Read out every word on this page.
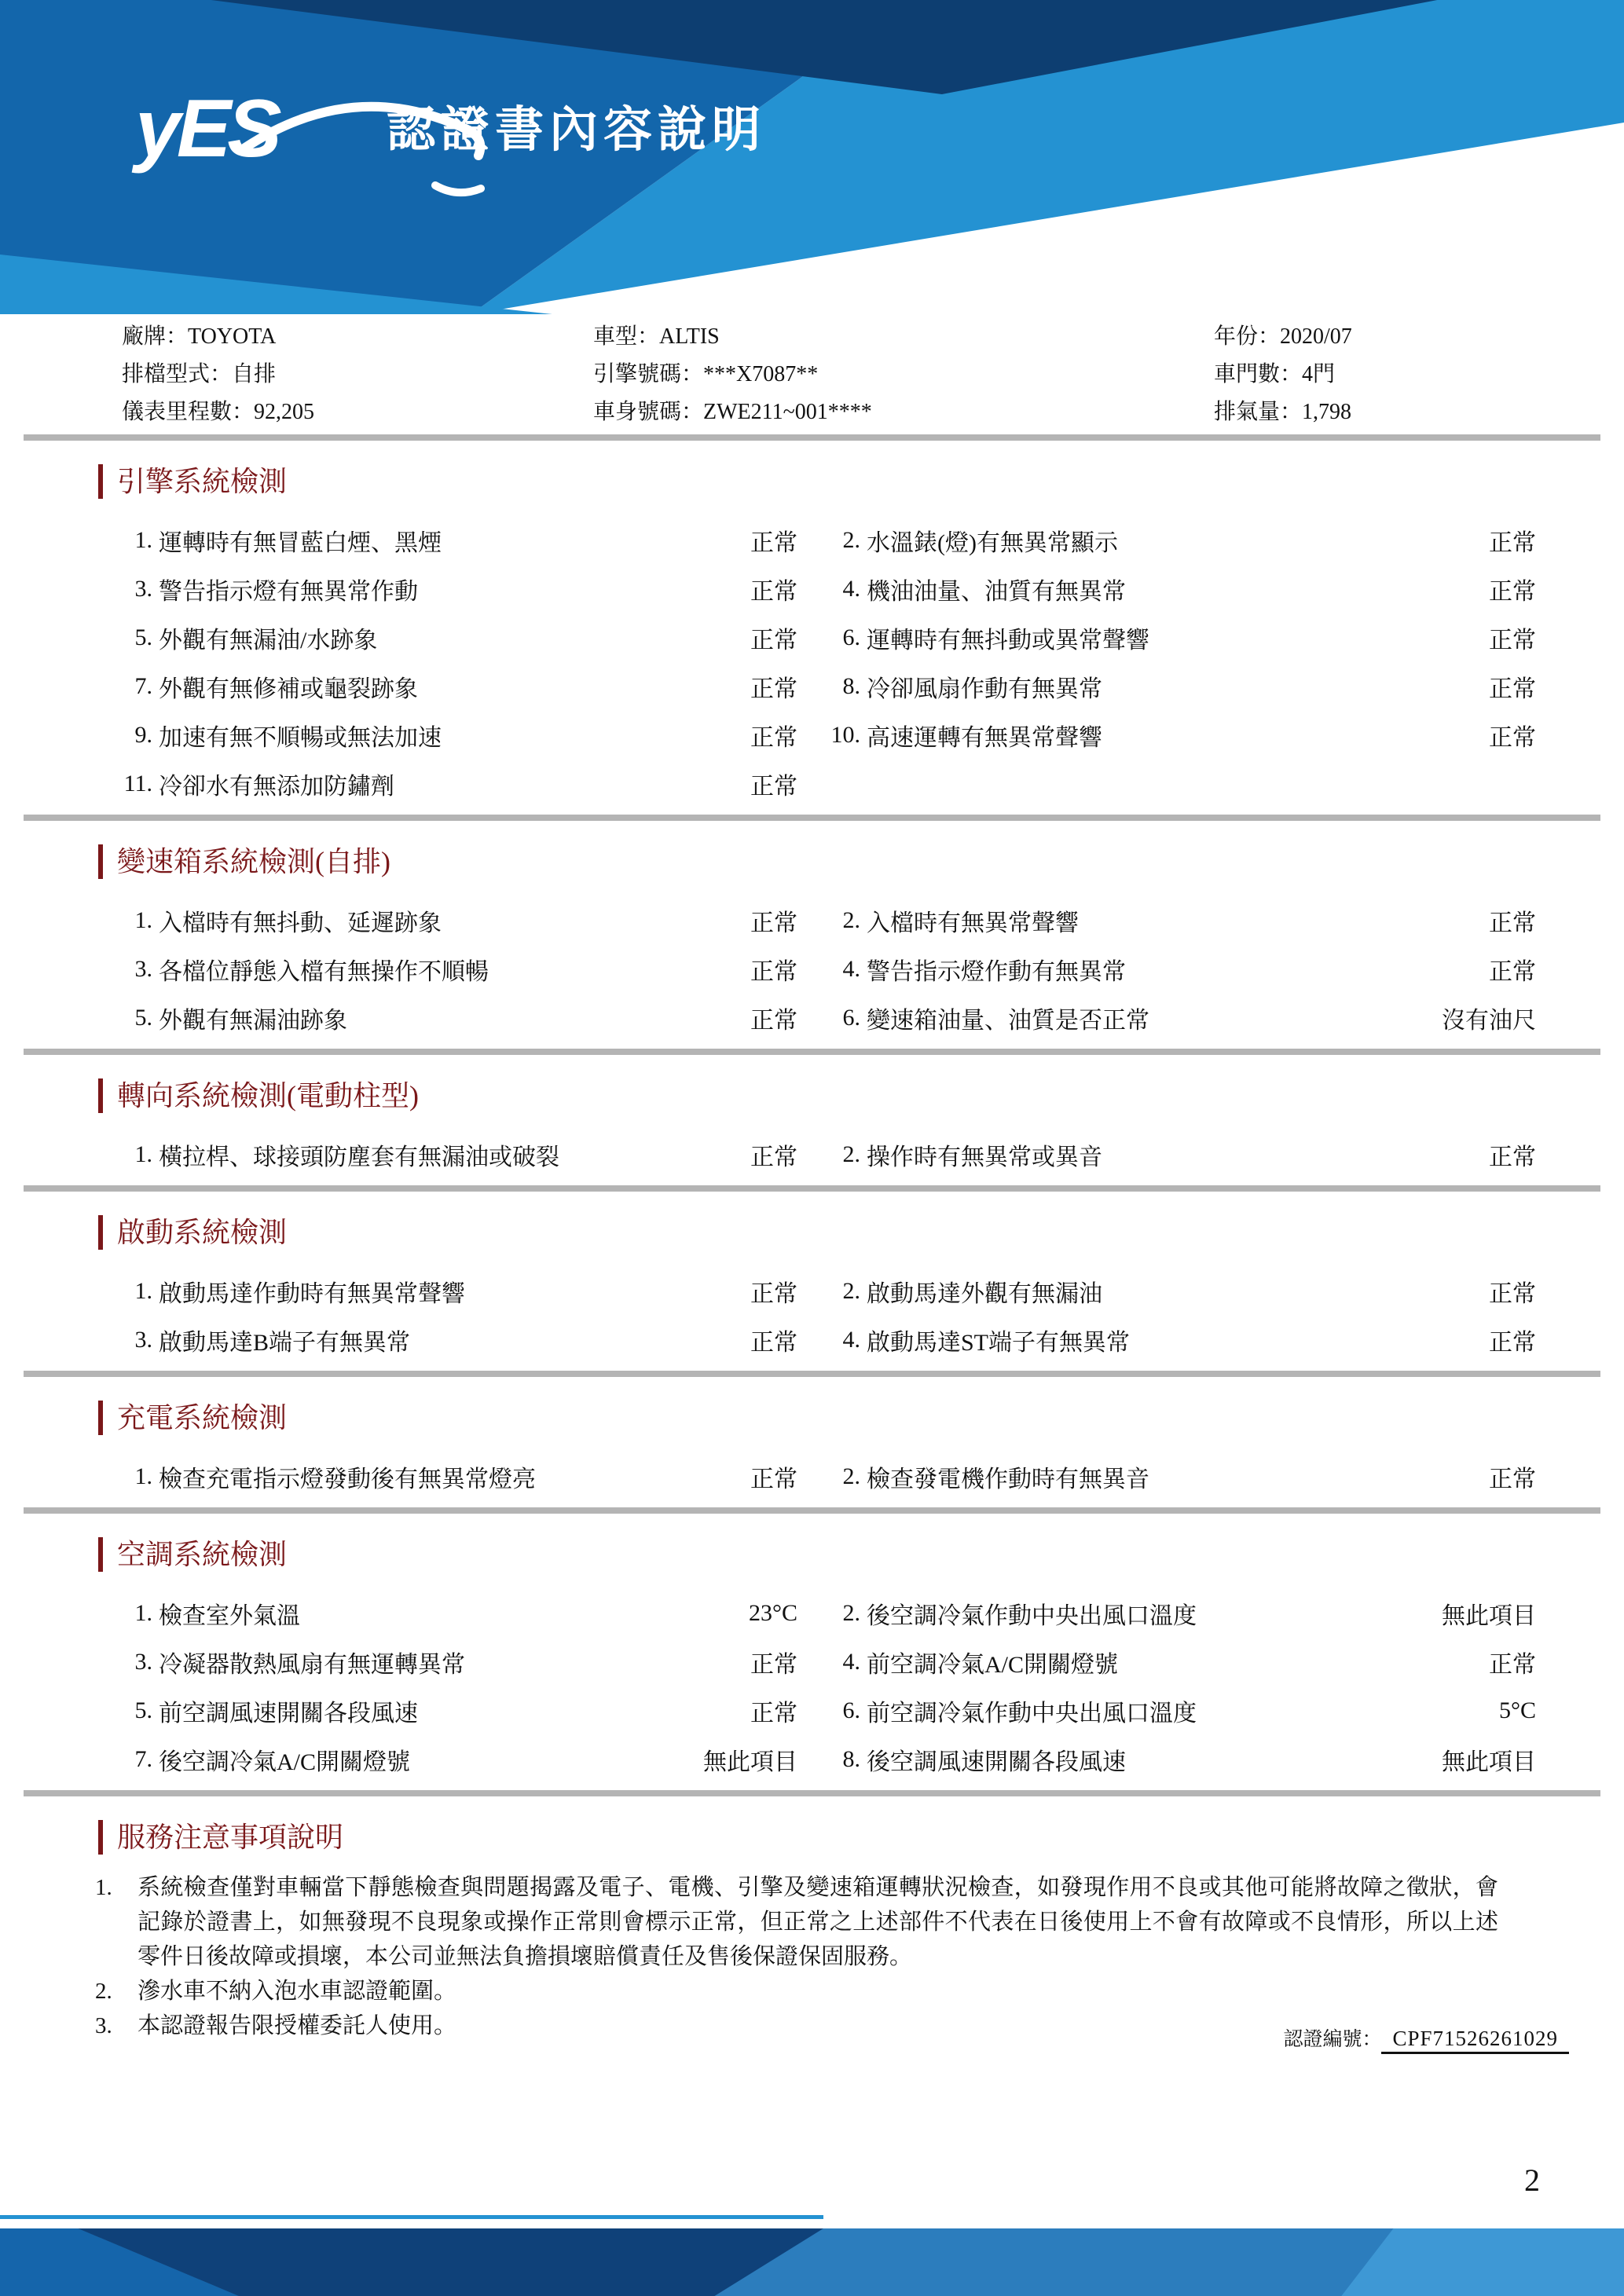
yES 認證書內容說明
廠牌：TOYOTA	車型：ALTIS	年份：2020/07
排檔型式：自排	引擎號碼：***X7087**	車門數：4門
儀表里程數：92,205	車身號碼：ZWE211~001****	排氣量：1,798
引擎系統檢測
1. 運轉時有無冒藍白煙、黑煙	正常	2. 水溫錶(燈)有無異常顯示	正常
3. 警告指示燈有無異常作動	正常	4. 機油油量、油質有無異常	正常
5. 外觀有無漏油/水跡象	正常	6. 運轉時有無抖動或異常聲響	正常
7. 外觀有無修補或龜裂跡象	正常	8. 冷卻風扇作動有無異常	正常
9. 加速有無不順暢或無法加速	正常	10. 高速運轉有無異常聲響	正常
11. 冷卻水有無添加防鏽劑	正常
變速箱系統檢測(自排)
1. 入檔時有無抖動、延遲跡象	正常	2. 入檔時有無異常聲響	正常
3. 各檔位靜態入檔有無操作不順暢	正常	4. 警告指示燈作動有無異常	正常
5. 外觀有無漏油跡象	正常	6. 變速箱油量、油質是否正常	沒有油尺
轉向系統檢測(電動柱型)
1. 橫拉桿、球接頭防塵套有無漏油或破裂	正常	2. 操作時有無異常或異音	正常
啟動系統檢測
1. 啟動馬達作動時有無異常聲響	正常	2. 啟動馬達外觀有無漏油	正常
3. 啟動馬達B端子有無異常	正常	4. 啟動馬達ST端子有無異常	正常
充電系統檢測
1. 檢查充電指示燈發動後有無異常燈亮	正常	2. 檢查發電機作動時有無異音	正常
空調系統檢測
1. 檢查室外氣溫	23°C	2. 後空調冷氣作動中央出風口溫度	無此項目
3. 冷凝器散熱風扇有無運轉異常	正常	4. 前空調冷氣A/C開關燈號	正常
5. 前空調風速開關各段風速	正常	6. 前空調冷氣作動中央出風口溫度	5°C
7. 後空調冷氣A/C開關燈號	無此項目	8. 後空調風速開關各段風速	無此項目
服務注意事項說明
1.	系統檢查僅對車輛當下靜態檢查與問題揭露及電子、電機、引擎及變速箱運轉狀況檢查，如發現作用不良或其他可能將故障之徵狀，會記錄於證書上，如無發現不良現象或操作正常則會標示正常，但正常之上述部件不代表在日後使用上不會有故障或不良情形，所以上述零件日後故障或損壞，本公司並無法負擔損壞賠償責任及售後保證保固服務。
2.	滲水車不納入泡水車認證範圍。
3.	本認證報告限授權委託人使用。
認證編號： CPF71526261029
2
